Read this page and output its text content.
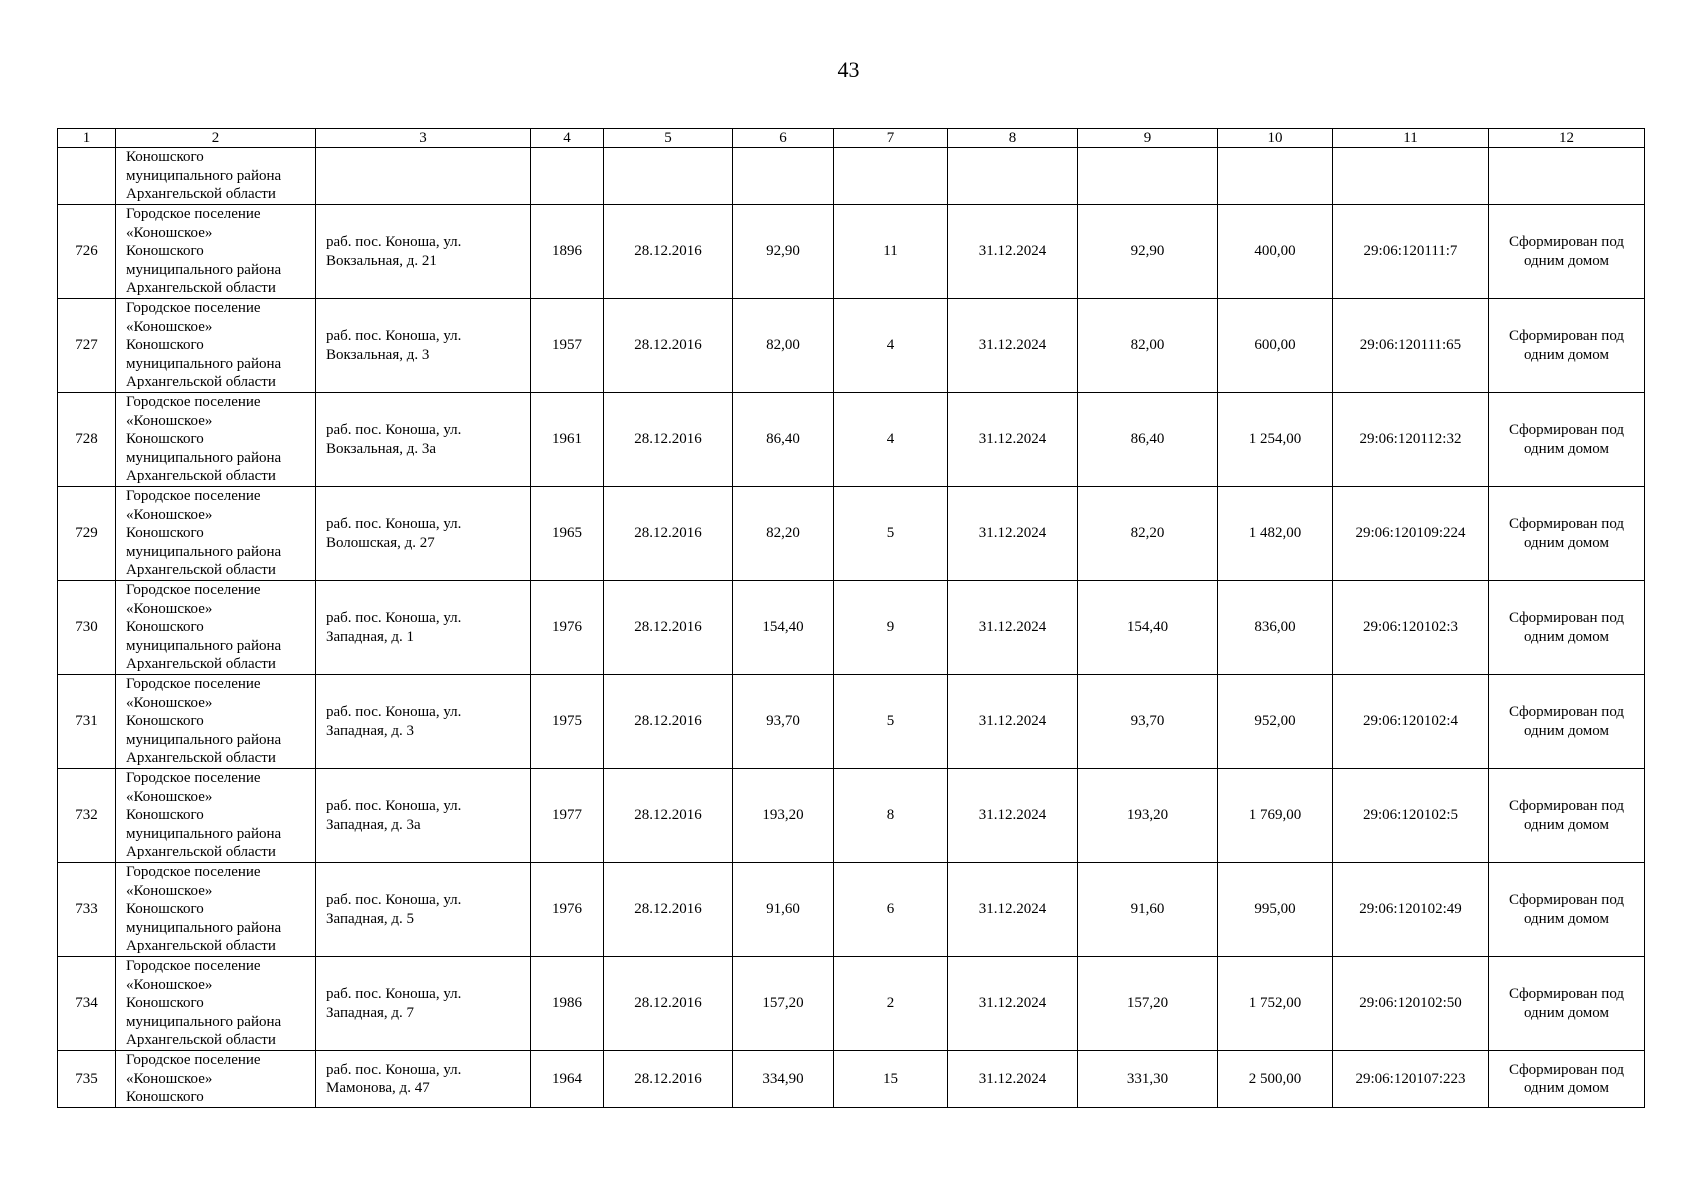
43
1	2	3	4	5	6	7	8	9	10	11	12

	Коношского
муниципального района
Архангельской области										

726	Городское поселение
«Коношское»
Коношского
муниципального района
Архангельской области	раб. пос. Коноша, ул.
Вокзальная, д. 21	1896	28.12.2016	92,90	11	31.12.2024	92,90	400,00	29:06:120111:7	Сформирован под
одним домом

727	Городское поселение
«Коношское»
Коношского
муниципального района
Архангельской области	раб. пос. Коноша, ул.
Вокзальная, д. 3	1957	28.12.2016	82,00	4	31.12.2024	82,00	600,00	29:06:120111:65	Сформирован под
одним домом

728	Городское поселение
«Коношское»
Коношского
муниципального района
Архангельской области	раб. пос. Коноша, ул.
Вокзальная, д. 3а	1961	28.12.2016	86,40	4	31.12.2024	86,40	1 254,00	29:06:120112:32	Сформирован под
одним домом

729	Городское поселение
«Коношское»
Коношского
муниципального района
Архангельской области	раб. пос. Коноша, ул.
Волошская, д. 27	1965	28.12.2016	82,20	5	31.12.2024	82,20	1 482,00	29:06:120109:224	Сформирован под
одним домом

730	Городское поселение
«Коношское»
Коношского
муниципального района
Архангельской области	раб. пос. Коноша, ул.
Западная, д. 1	1976	28.12.2016	154,40	9	31.12.2024	154,40	836,00	29:06:120102:3	Сформирован под
одним домом

731	Городское поселение
«Коношское»
Коношского
муниципального района
Архангельской области	раб. пос. Коноша, ул.
Западная, д. 3	1975	28.12.2016	93,70	5	31.12.2024	93,70	952,00	29:06:120102:4	Сформирован под
одним домом

732	Городское поселение
«Коношское»
Коношского
муниципального района
Архангельской области	раб. пос. Коноша, ул.
Западная, д. 3а	1977	28.12.2016	193,20	8	31.12.2024	193,20	1 769,00	29:06:120102:5	Сформирован под
одним домом

733	Городское поселение
«Коношское»
Коношского
муниципального района
Архангельской области	раб. пос. Коноша, ул.
Западная, д. 5	1976	28.12.2016	91,60	6	31.12.2024	91,60	995,00	29:06:120102:49	Сформирован под
одним домом

734	Городское поселение
«Коношское»
Коношского
муниципального района
Архангельской области	раб. пос. Коноша, ул.
Западная, д. 7	1986	28.12.2016	157,20	2	31.12.2024	157,20	1 752,00	29:06:120102:50	Сформирован под
одним домом

735	Городское поселение
«Коношское»
Коношского	раб. пос. Коноша, ул.
Мамонова, д. 47	1964	28.12.2016	334,90	15	31.12.2024	331,30	2 500,00	29:06:120107:223	Сформирован под
одним домом
